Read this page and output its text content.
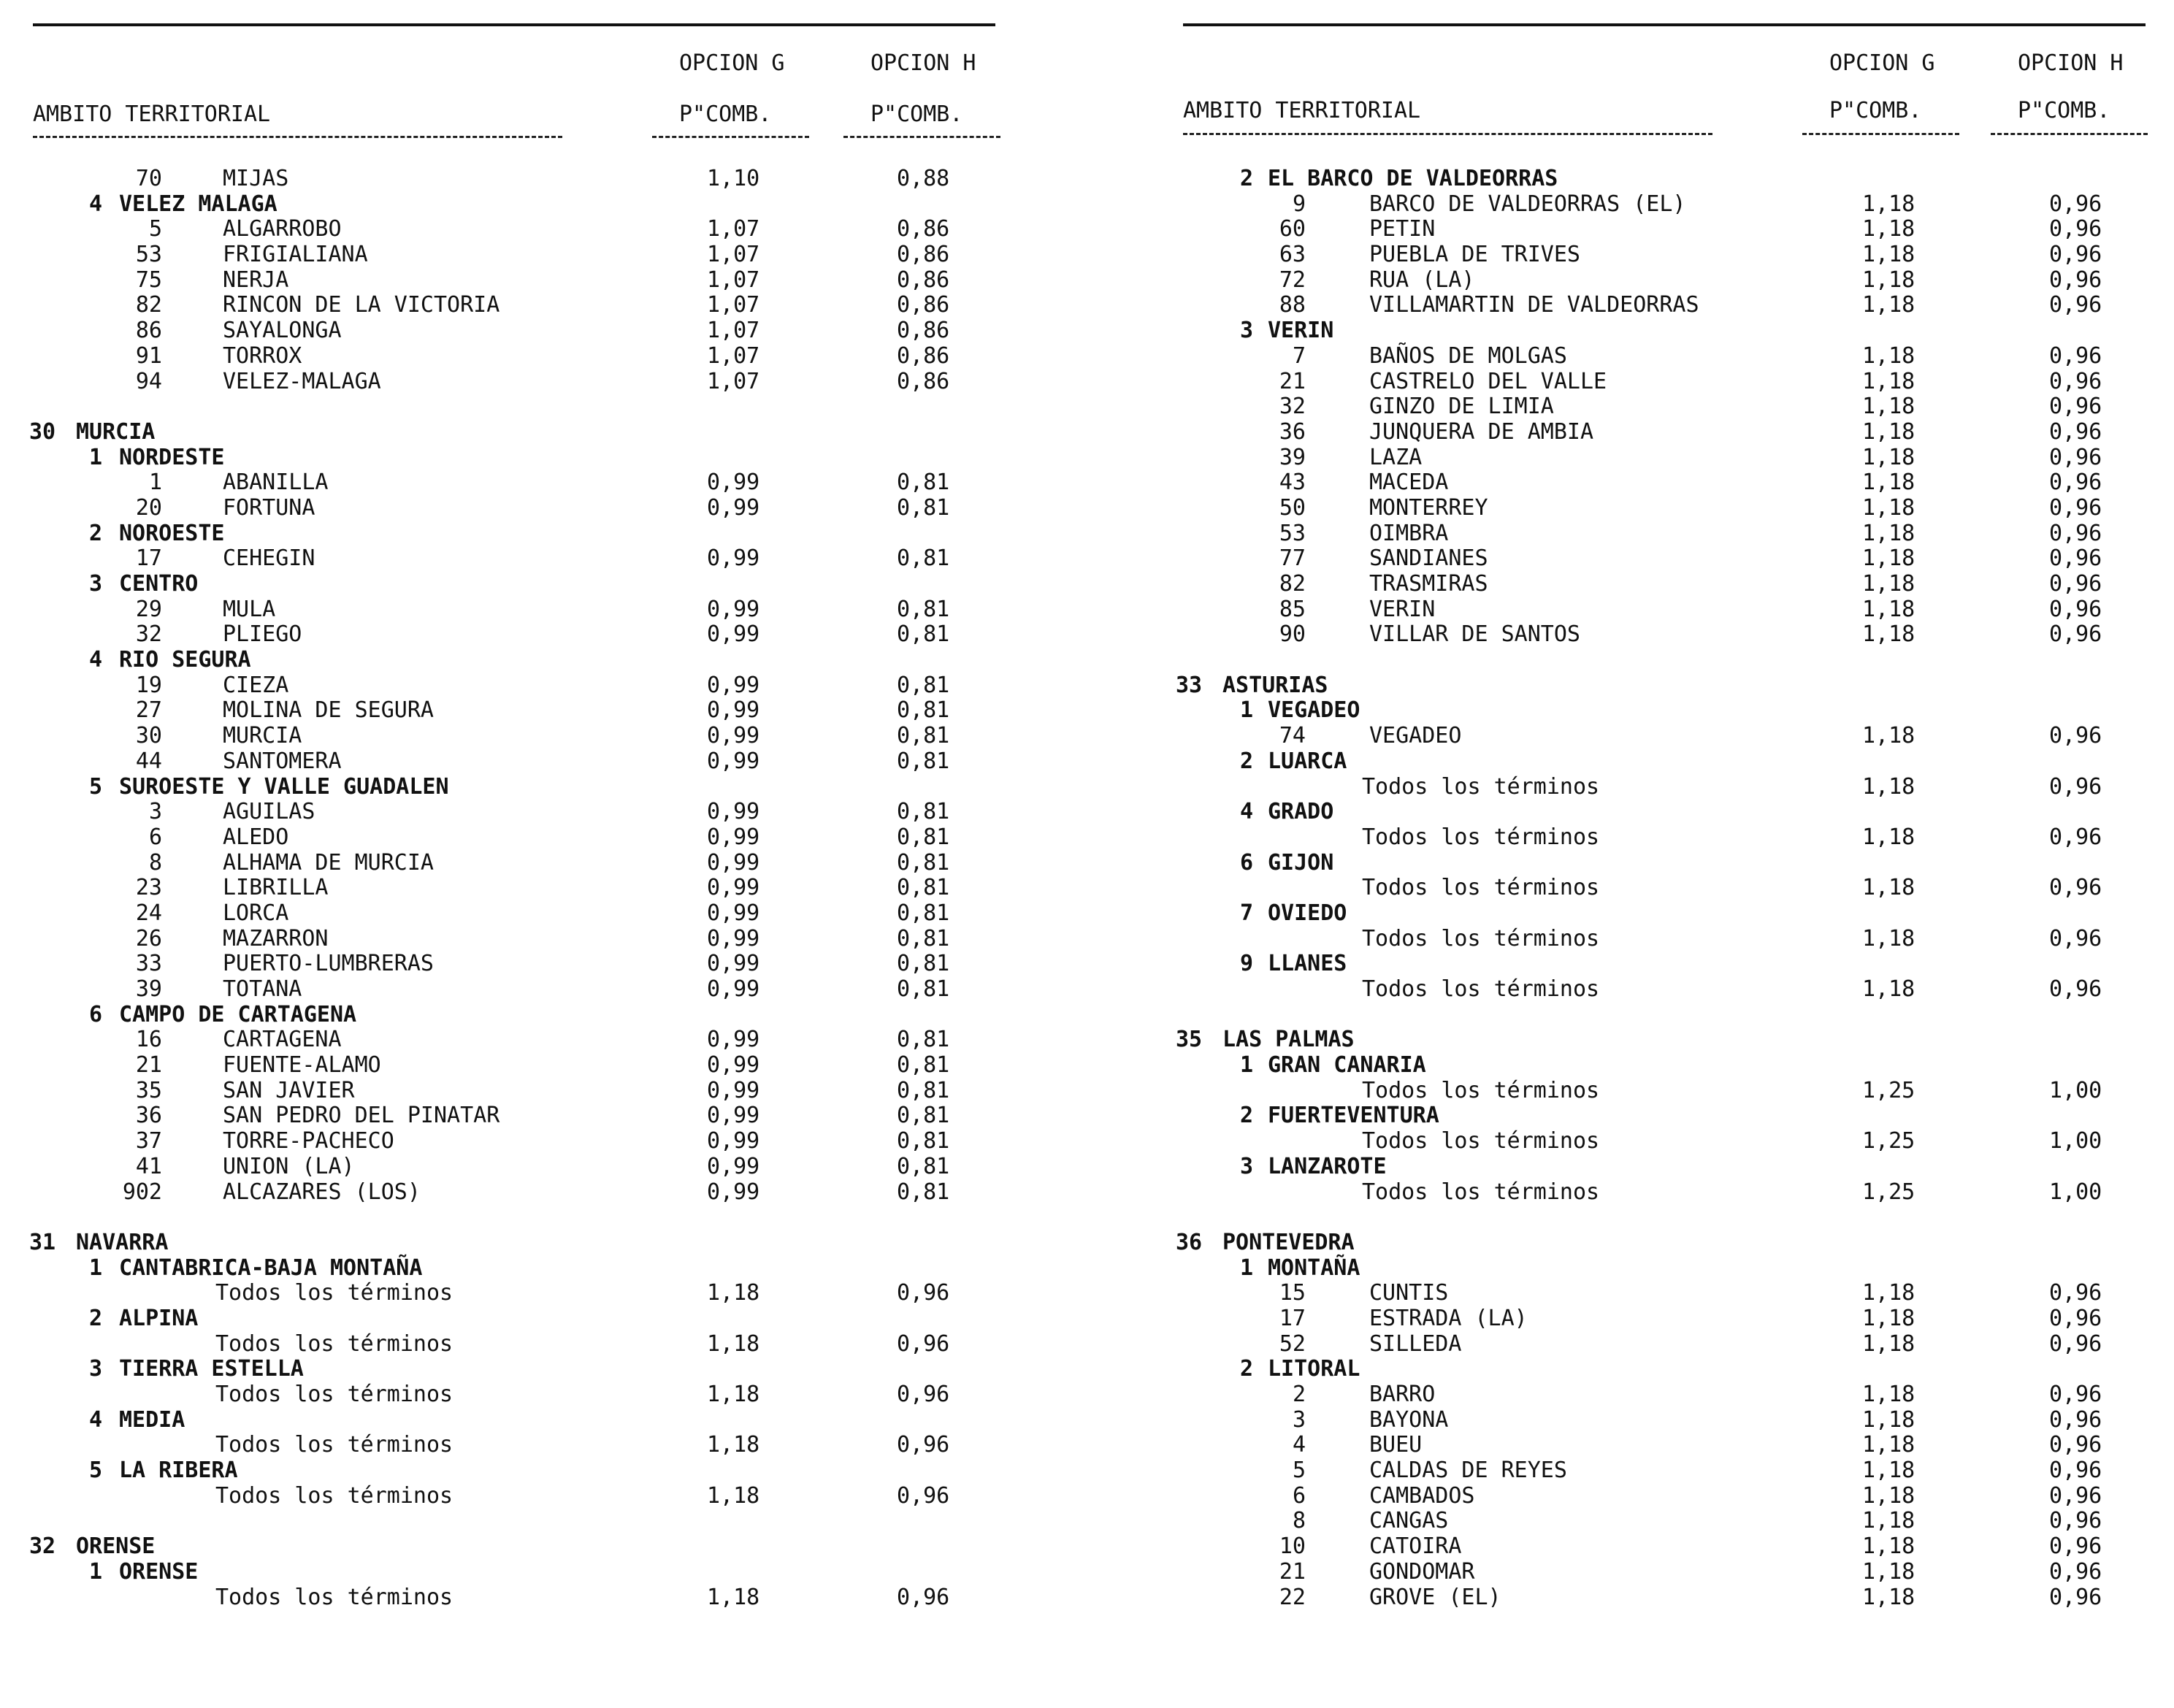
OPCION G	OPCION H
AMBITO TERRITORIAL	P"COMB.	P"COMB.
70	MIJAS	1,10	0,88
4 VELEZ MALAGA
5	ALGARROBO	1,07	0,86
53	FRIGIALIANA	1,07	0,86
75	NERJA	1,07	0,86
82	RINCON DE LA VICTORIA	1,07	0,86
86	SAYALONGA	1,07	0,86
91	TORROX	1,07	0,86
94	VELEZ-MALAGA	1,07	0,86
30 MURCIA
1 NORDESTE
1	ABANILLA	0,99	0,81
20	FORTUNA	0,99	0,81
2 NOROESTE
17	CEHEGIN	0,99	0,81
3 CENTRO
29	MULA	0,99	0,81
32	PLIEGO	0,99	0,81
4 RIO SEGURA
19	CIEZA	0,99	0,81
27	MOLINA DE SEGURA	0,99	0,81
30	MURCIA	0,99	0,81
44	SANTOMERA	0,99	0,81
5 SUROESTE Y VALLE GUADALEN
3	AGUILAS	0,99	0,81
6	ALEDO	0,99	0,81
8	ALHAMA DE MURCIA	0,99	0,81
23	LIBRILLA	0,99	0,81
24	LORCA	0,99	0,81
26	MAZARRON	0,99	0,81
33	PUERTO-LUMBRERAS	0,99	0,81
39	TOTANA	0,99	0,81
6 CAMPO DE CARTAGENA
16	CARTAGENA	0,99	0,81
21	FUENTE-ALAMO	0,99	0,81
35	SAN JAVIER	0,99	0,81
36	SAN PEDRO DEL PINATAR	0,99	0,81
37	TORRE-PACHECO	0,99	0,81
41	UNION (LA)	0,99	0,81
902	ALCAZARES (LOS)	0,99	0,81
31 NAVARRA
1 CANTABRICA-BAJA MONTAÑA
Todos los términos	1,18	0,96
2 ALPINA
Todos los términos	1,18	0,96
3 TIERRA ESTELLA
Todos los términos	1,18	0,96
4 MEDIA
Todos los términos	1,18	0,96
5 LA RIBERA
Todos los términos	1,18	0,96
32 ORENSE
1 ORENSE
Todos los términos	1,18	0,96
OPCION G	OPCION H
AMBITO TERRITORIAL	P"COMB.	P"COMB.
2 EL BARCO DE VALDEORRAS
9	BARCO DE VALDEORRAS (EL)	1,18	0,96
60	PETIN	1,18	0,96
63	PUEBLA DE TRIVES	1,18	0,96
72	RUA (LA)	1,18	0,96
88	VILLAMARTIN DE VALDEORRAS	1,18	0,96
3 VERIN
7	BAÑOS DE MOLGAS	1,18	0,96
21	CASTRELO DEL VALLE	1,18	0,96
32	GINZO DE LIMIA	1,18	0,96
36	JUNQUERA DE AMBIA	1,18	0,96
39	LAZA	1,18	0,96
43	MACEDA	1,18	0,96
50	MONTERREY	1,18	0,96
53	OIMBRA	1,18	0,96
77	SANDIANES	1,18	0,96
82	TRASMIRAS	1,18	0,96
85	VERIN	1,18	0,96
90	VILLAR DE SANTOS	1,18	0,96
33 ASTURIAS
1 VEGADEO
74	VEGADEO	1,18	0,96
2 LUARCA
Todos los términos	1,18	0,96
4 GRADO
Todos los términos	1,18	0,96
6 GIJON
Todos los términos	1,18	0,96
7 OVIEDO
Todos los términos	1,18	0,96
9 LLANES
Todos los términos	1,18	0,96
35 LAS PALMAS
1 GRAN CANARIA
Todos los términos	1,25	1,00
2 FUERTEVENTURA
Todos los términos	1,25	1,00
3 LANZAROTE
Todos los términos	1,25	1,00
36 PONTEVEDRA
1 MONTAÑA
15	CUNTIS	1,18	0,96
17	ESTRADA (LA)	1,18	0,96
52	SILLEDA	1,18	0,96
2 LITORAL
2	BARRO	1,18	0,96
3	BAYONA	1,18	0,96
4	BUEU	1,18	0,96
5	CALDAS DE REYES	1,18	0,96
6	CAMBADOS	1,18	0,96
8	CANGAS	1,18	0,96
10	CATOIRA	1,18	0,96
21	GONDOMAR	1,18	0,96
22	GROVE (EL)	1,18	0,96
